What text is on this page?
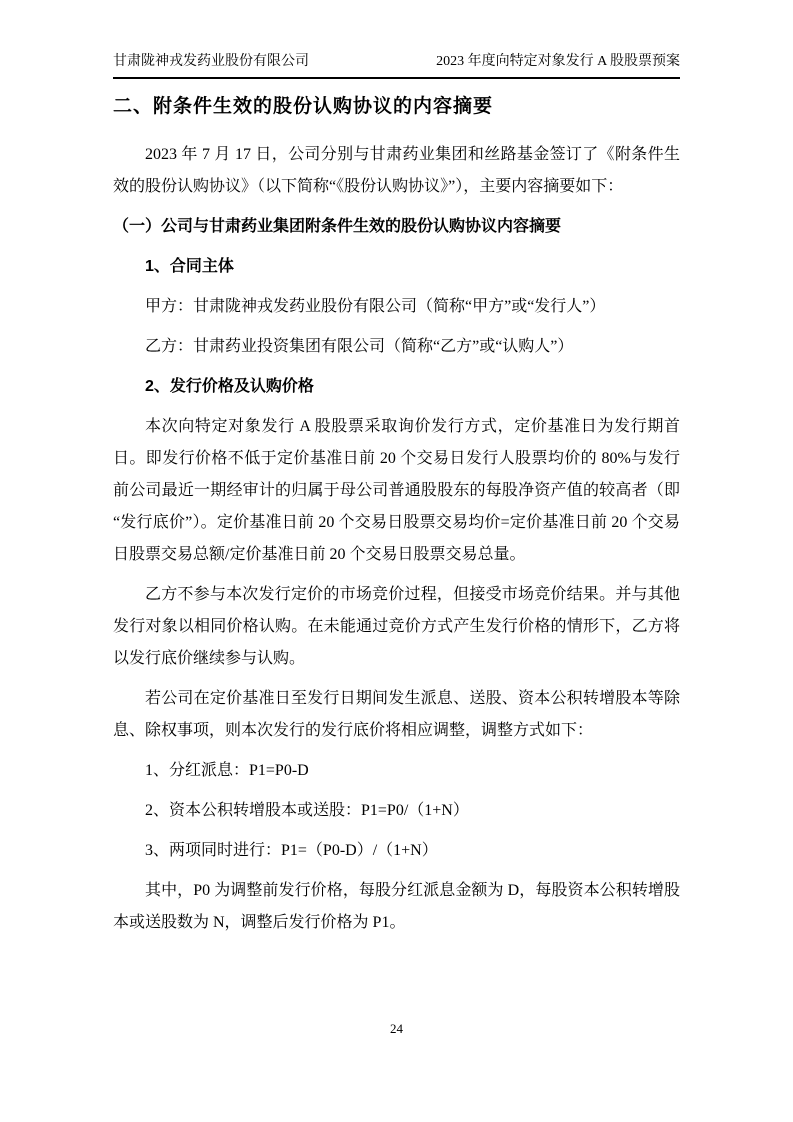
甘肃陇神戎发药业股份有限公司	2023 年度向特定对象发行 A 股股票预案
二、附条件生效的股份认购协议的内容摘要
2023 年 7 月 17 日，公司分别与甘肃药业集团和丝路基金签订了《附条件生效的股份认购协议》（以下简称“《股份认购协议》”），主要内容摘要如下：
（一）公司与甘肃药业集团附条件生效的股份认购协议内容摘要
1、合同主体
甲方：甘肃陇神戎发药业股份有限公司（简称“甲方”或“发行人”）
乙方：甘肃药业投资集团有限公司（简称“乙方”或“认购人”）
2、发行价格及认购价格
本次向特定对象发行 A 股股票采取询价发行方式，定价基准日为发行期首日。即发行价格不低于定价基准日前 20 个交易日发行人股票均价的 80%与发行前公司最近一期经审计的归属于母公司普通股股东的每股净资产值的较高者（即“发行底价”）。定价基准日前 20 个交易日股票交易均价=定价基准日前 20 个交易日股票交易总额/定价基准日前 20 个交易日股票交易总量。
乙方不参与本次发行定价的市场竞价过程，但接受市场竞价结果。并与其他发行对象以相同价格认购。在未能通过竞价方式产生发行价格的情形下，乙方将以发行底价继续参与认购。
若公司在定价基准日至发行日期间发生派息、送股、资本公积转增股本等除息、除权事项，则本次发行的发行底价将相应调整，调整方式如下：
1、分红派息：P1=P0-D
2、资本公积转增股本或送股：P1=P0/（1+N）
3、两项同时进行：P1=（P0-D）/（1+N）
其中，P0 为调整前发行价格，每股分红派息金额为 D，每股资本公积转增股本或送股数为 N，调整后发行价格为 P1。
24
